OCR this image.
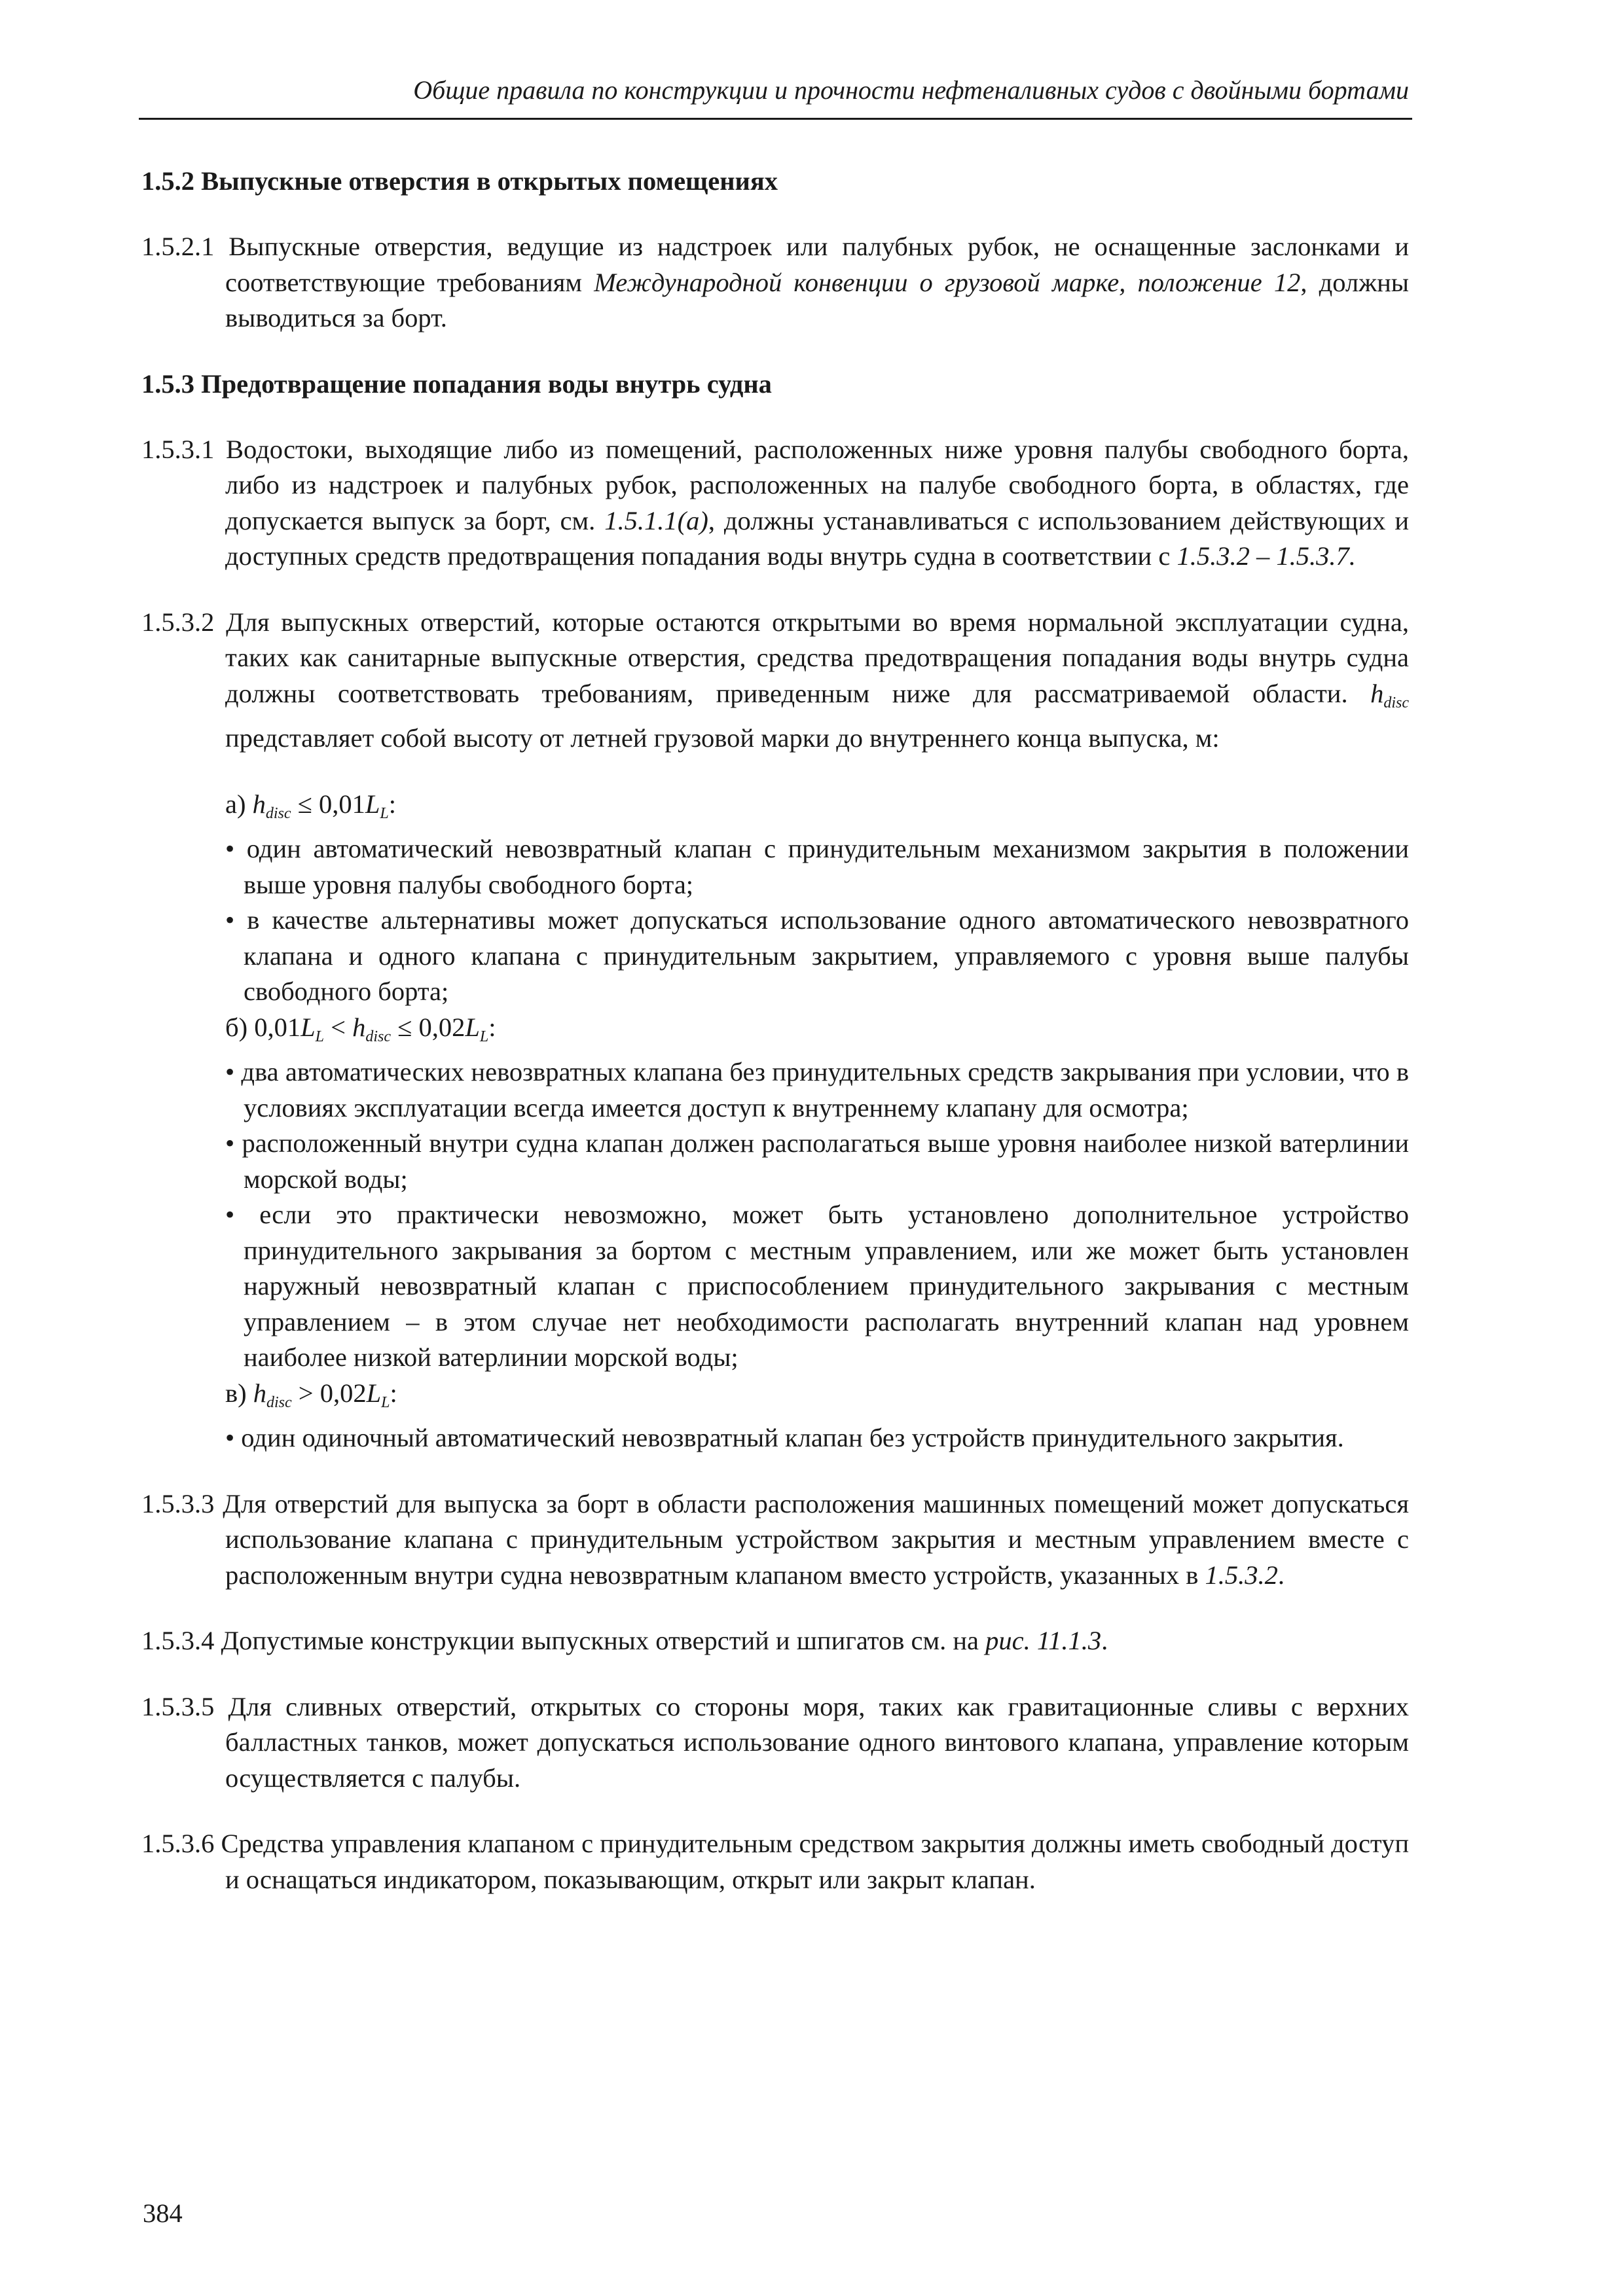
Общие правила по конструкции и прочности нефтеналивных судов с двойными бортами
1.5.2 Выпускные отверстия в открытых помещениях

1.5.2.1 Выпускные отверстия, ведущие из надстроек или палубных рубок, не оснащенные заслонками и соответствующие требованиям Международной конвенции о грузовой марке, положение 12, должны выводиться за борт.

1.5.3 Предотвращение попадания воды внутрь судна

1.5.3.1 Водостоки, выходящие либо из помещений, расположенных ниже уровня палубы свободного борта, либо из надстроек и палубных рубок, расположенных на палубе свободного борта, в областях, где допускается выпуск за борт, см. 1.5.1.1(a), должны устанавливаться с использованием действующих и доступных средств предотвращения попадания воды внутрь судна в соответствии с 1.5.3.2 – 1.5.3.7.

1.5.3.2 Для выпускных отверстий, которые остаются открытыми во время нормальной эксплуатации судна, таких как санитарные выпускные отверстия, средства предотвращения попадания воды внутрь судна должны соответствовать требованиям, приведенным ниже для рассматриваемой области. $h_{disc}$ представляет собой высоту от летней грузовой марки до внутреннего конца выпуска, м:

а) $h_{disc} \le 0,01L_L$:
• один автоматический невозвратный клапан с принудительным механизмом закрытия в положении выше уровня палубы свободного борта;
• в качестве альтернативы может допускаться использование одного автоматического невозвратного клапана и одного клапана с принудительным закрытием, управляемого с уровня выше палубы свободного борта;
б) $0,01L_L < h_{disc} \le 0,02L_L$:
• два автоматических невозвратных клапана без принудительных средств закрывания при условии, что в условиях эксплуатации всегда имеется доступ к внутреннему клапану для осмотра;
• расположенный внутри судна клапан должен располагаться выше уровня наиболее низкой ватерлинии морской воды;
• если это практически невозможно, может быть установлено дополнительное устройство принудительного закрывания за бортом с местным управлением, или же может быть установлен наружный невозвратный клапан с приспособлением принудительного закрывания с местным управлением – в этом случае нет необходимости располагать внутренний клапан над уровнем наиболее низкой ватерлинии морской воды;
в) $h_{disc} > 0,02L_L$:
• один одиночный автоматический невозвратный клапан без устройств принудительного закрытия.

1.5.3.3 Для отверстий для выпуска за борт в области расположения машинных помещений может допускаться использование клапана с принудительным устройством закрытия и местным управлением вместе с расположенным внутри судна невозвратным клапаном вместо устройств, указанных в 1.5.3.2.

1.5.3.4 Допустимые конструкции выпускных отверстий и шпигатов см. на рис. 11.1.3.

1.5.3.5 Для сливных отверстий, открытых со стороны моря, таких как гравитационные сливы с верхних балластных танков, может допускаться использование одного винтового клапана, управление которым осуществляется с палубы.

1.5.3.6 Средства управления клапаном с принудительным средством закрытия должны иметь свободный доступ и оснащаться индикатором, показывающим, открыт или закрыт клапан.

384
